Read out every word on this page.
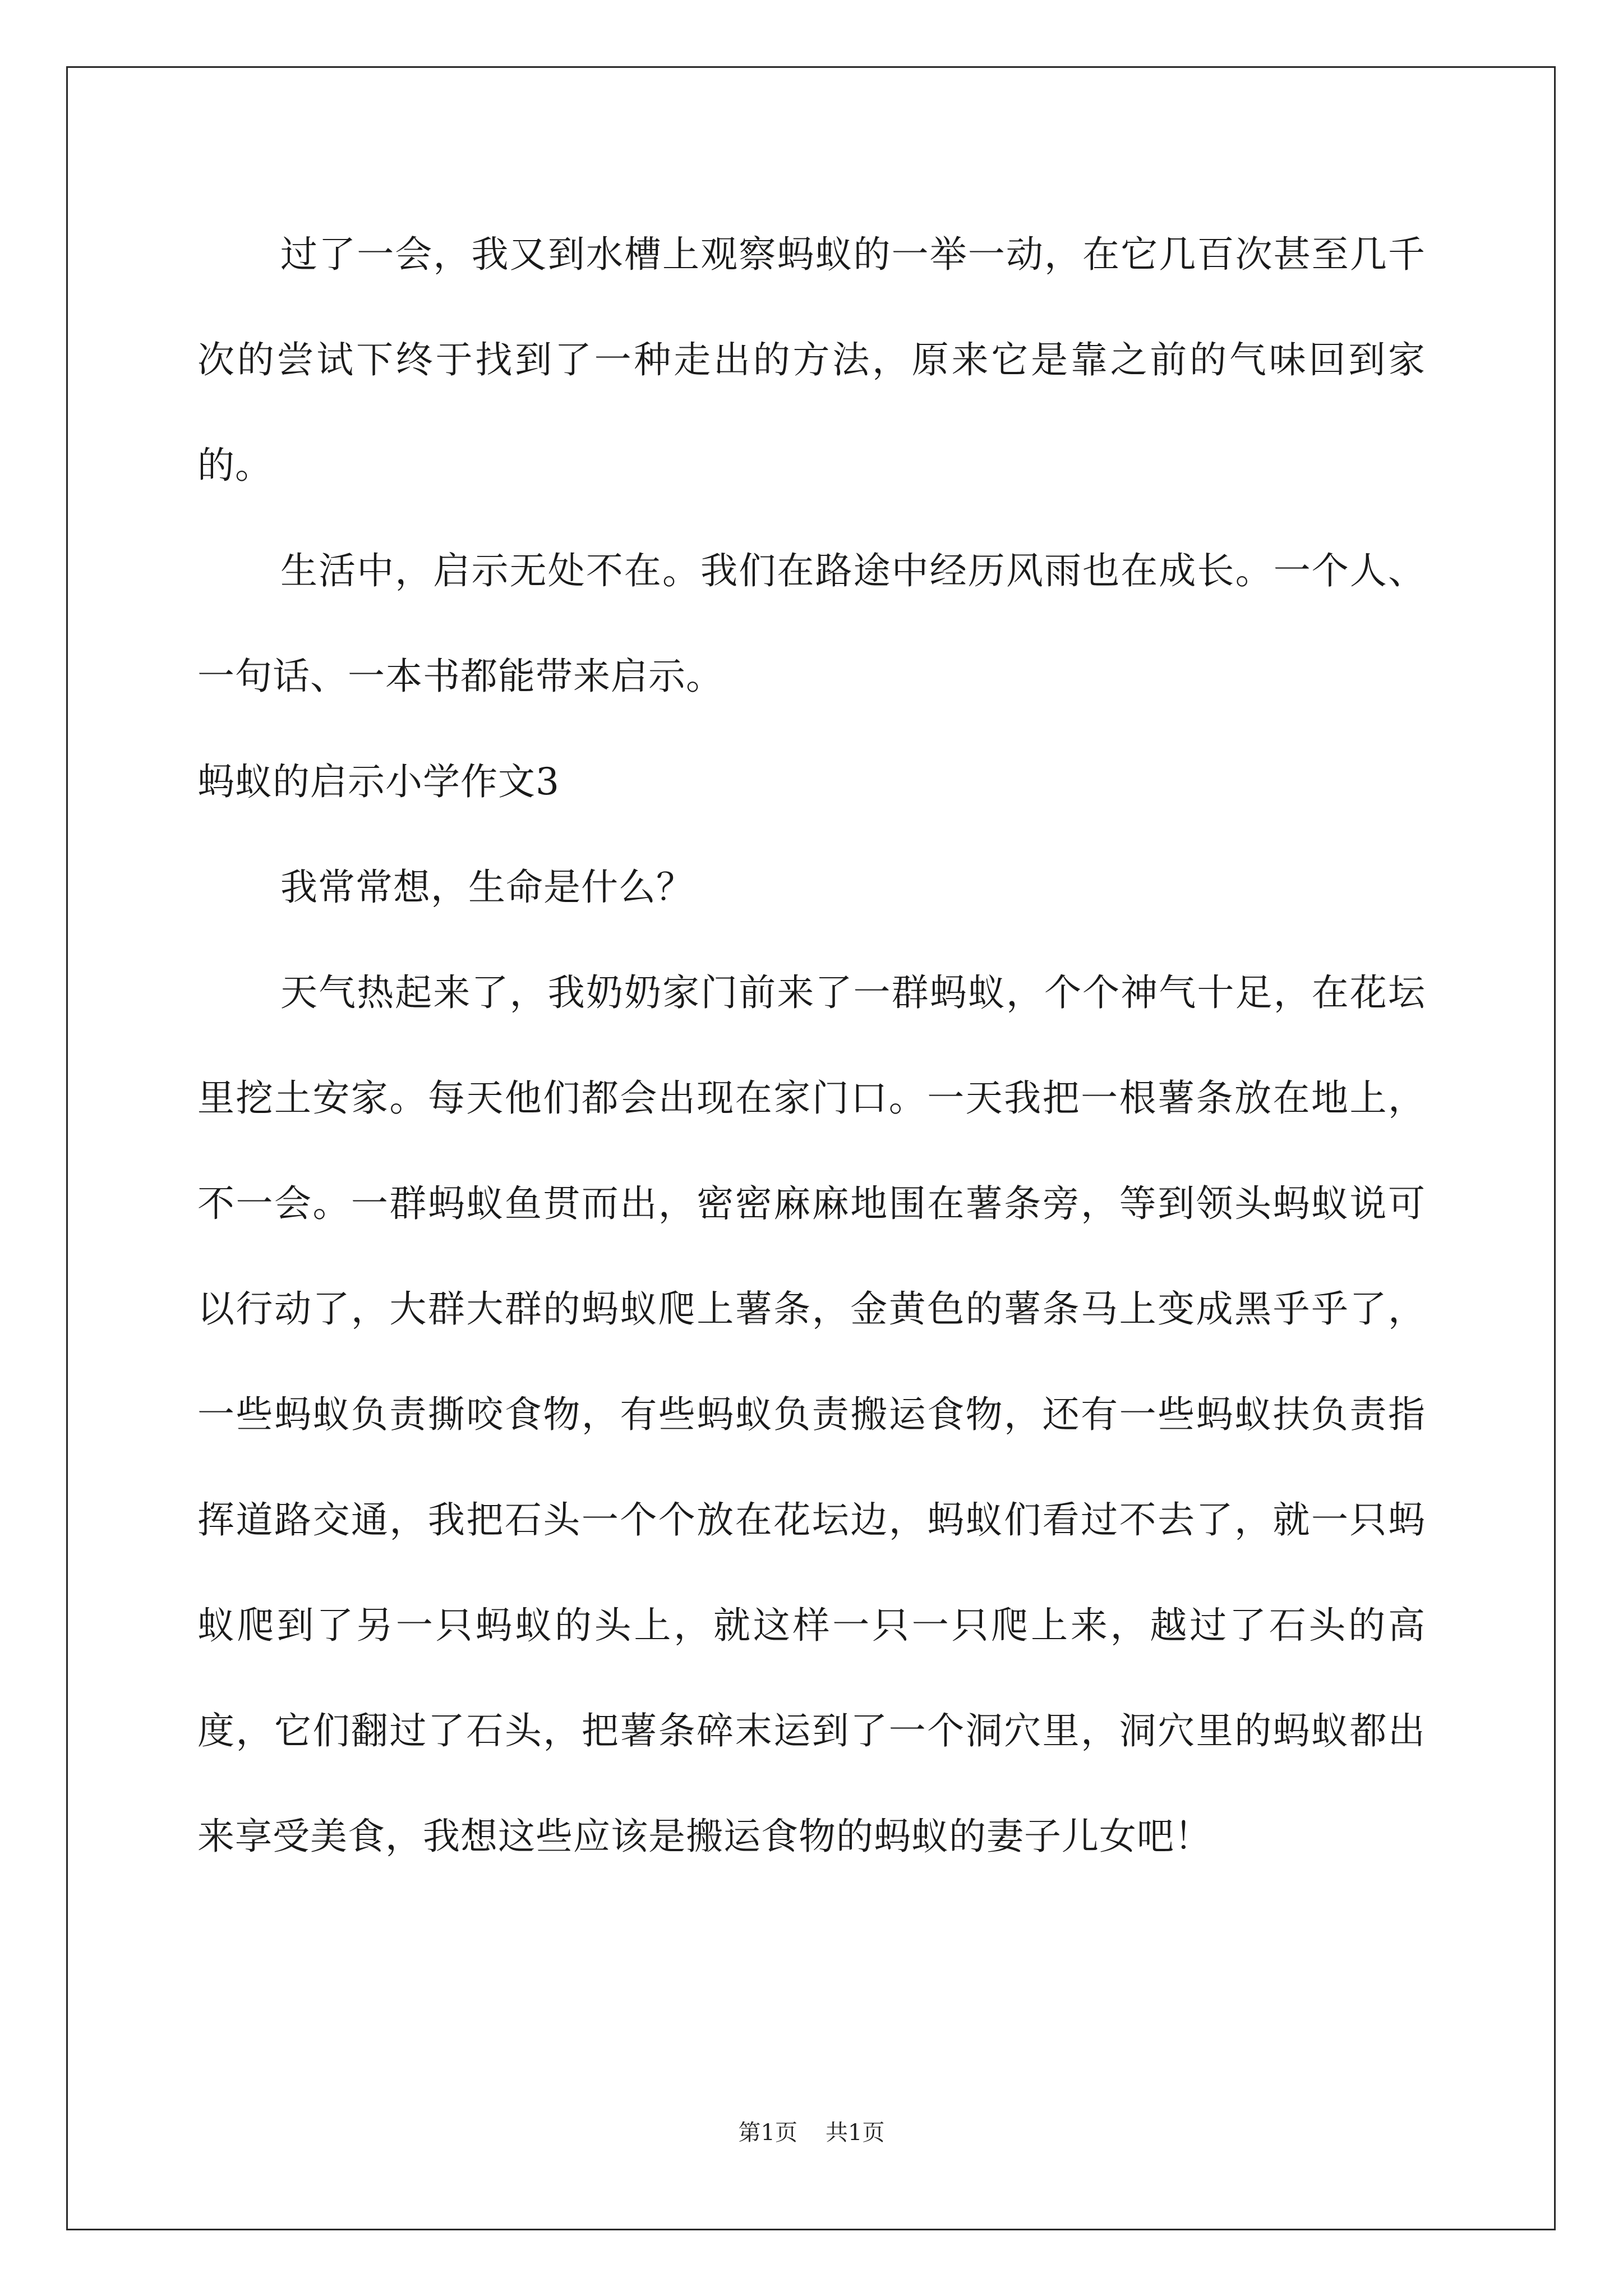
过了一会，我又到水槽上观察蚂蚁的一举一动，在它几百次甚至几千次的尝试下终于找到了一种走出的方法，原来它是靠之前的气味回到家的。

生活中，启示无处不在。我们在路途中经历风雨也在成长。一个人、一句话、一本书都能带来启示。

蚂蚁的启示小学作文3

我常常想，生命是什么？

天气热起来了，我奶奶家门前来了一群蚂蚁，个个神气十足，在花坛里挖土安家。每天他们都会出现在家门口。一天我把一根薯条放在地上，不一会。一群蚂蚁鱼贯而出，密密麻麻地围在薯条旁，等到领头蚂蚁说可以行动了，大群大群的蚂蚁爬上薯条，金黄色的薯条马上变成黑乎乎了，一些蚂蚁负责撕咬食物，有些蚂蚁负责搬运食物，还有一些蚂蚁扶负责指挥道路交通，我把石头一个个放在花坛边，蚂蚁们看过不去了，就一只蚂蚁爬到了另一只蚂蚁的头上，就这样一只一只爬上来，越过了石头的高度，它们翻过了石头，把薯条碎末运到了一个洞穴里，洞穴里的蚂蚁都出来享受美食，我想这些应该是搬运食物的蚂蚁的妻子儿女吧！

第1页 共1页
